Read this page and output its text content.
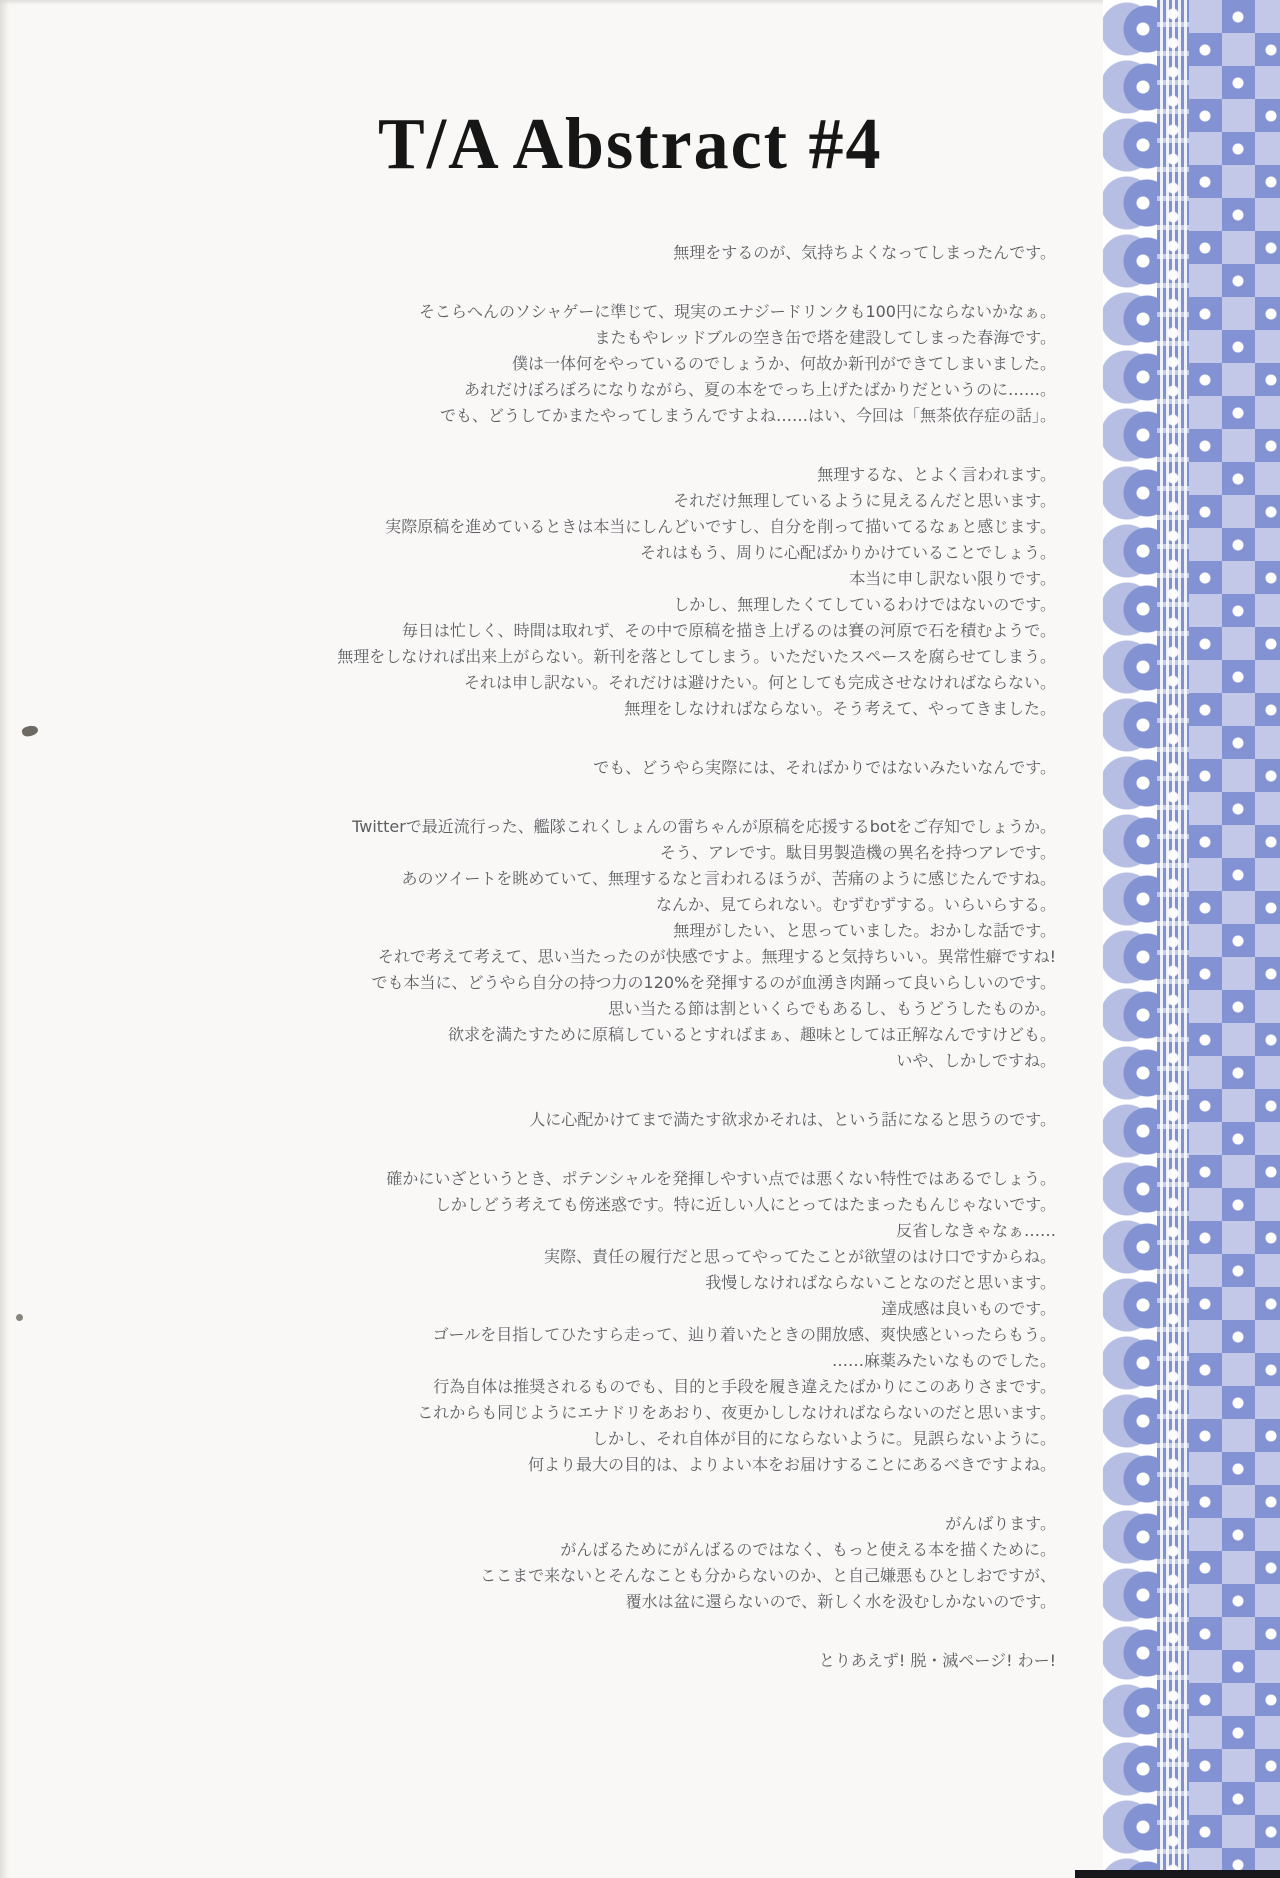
T/A Abstract #4
無理をするのが、気持ちよくなってしまったんです。
そこらへんのソシャゲーに準じて、現実のエナジードリンクも100円にならないかなぁ。
またもやレッドブルの空き缶で塔を建設してしまった春海です。
僕は一体何をやっているのでしょうか、何故か新刊ができてしまいました。
あれだけぼろぼろになりながら、夏の本をでっち上げたばかりだというのに……。
でも、どうしてかまたやってしまうんですよね……はい、今回は「無茶依存症の話」。
無理するな、とよく言われます。
それだけ無理しているように見えるんだと思います。
実際原稿を進めているときは本当にしんどいですし、自分を削って描いてるなぁと感じます。
それはもう、周りに心配ばかりかけていることでしょう。
本当に申し訳ない限りです。
しかし、無理したくてしているわけではないのです。
毎日は忙しく、時間は取れず、その中で原稿を描き上げるのは賽の河原で石を積むようで。
無理をしなければ出来上がらない。新刊を落としてしまう。いただいたスペースを腐らせてしまう。
それは申し訳ない。それだけは避けたい。何としても完成させなければならない。
無理をしなければならない。そう考えて、やってきました。
でも、どうやら実際には、そればかりではないみたいなんです。
Twitterで最近流行った、艦隊これくしょんの雷ちゃんが原稿を応援するbotをご存知でしょうか。
そう、アレです。駄目男製造機の異名を持つアレです。
あのツイートを眺めていて、無理するなと言われるほうが、苦痛のように感じたんですね。
なんか、見てられない。むずむずする。いらいらする。
無理がしたい、と思っていました。おかしな話です。
それで考えて考えて、思い当たったのが快感ですよ。無理すると気持ちいい。異常性癖ですね!
でも本当に、どうやら自分の持つ力の120%を発揮するのが血湧き肉踊って良いらしいのです。
思い当たる節は割といくらでもあるし、もうどうしたものか。
欲求を満たすために原稿しているとすればまぁ、趣味としては正解なんですけども。
いや、しかしですね。
人に心配かけてまで満たす欲求かそれは、という話になると思うのです。
確かにいざというとき、ポテンシャルを発揮しやすい点では悪くない特性ではあるでしょう。
しかしどう考えても傍迷惑です。特に近しい人にとってはたまったもんじゃないです。
反省しなきゃなぁ……
実際、責任の履行だと思ってやってたことが欲望のはけ口ですからね。
我慢しなければならないことなのだと思います。
達成感は良いものです。
ゴールを目指してひたすら走って、辿り着いたときの開放感、爽快感といったらもう。
……麻薬みたいなものでした。
行為自体は推奨されるものでも、目的と手段を履き違えたばかりにこのありさまです。
これからも同じようにエナドリをあおり、夜更かししなければならないのだと思います。
しかし、それ自体が目的にならないように。見誤らないように。
何より最大の目的は、よりよい本をお届けすることにあるべきですよね。
がんばります。
がんばるためにがんばるのではなく、もっと使える本を描くために。
ここまで来ないとそんなことも分からないのか、と自己嫌悪もひとしおですが、
覆水は盆に還らないので、新しく水を汲むしかないのです。
とりあえず! 脱・滅ページ! わー!
